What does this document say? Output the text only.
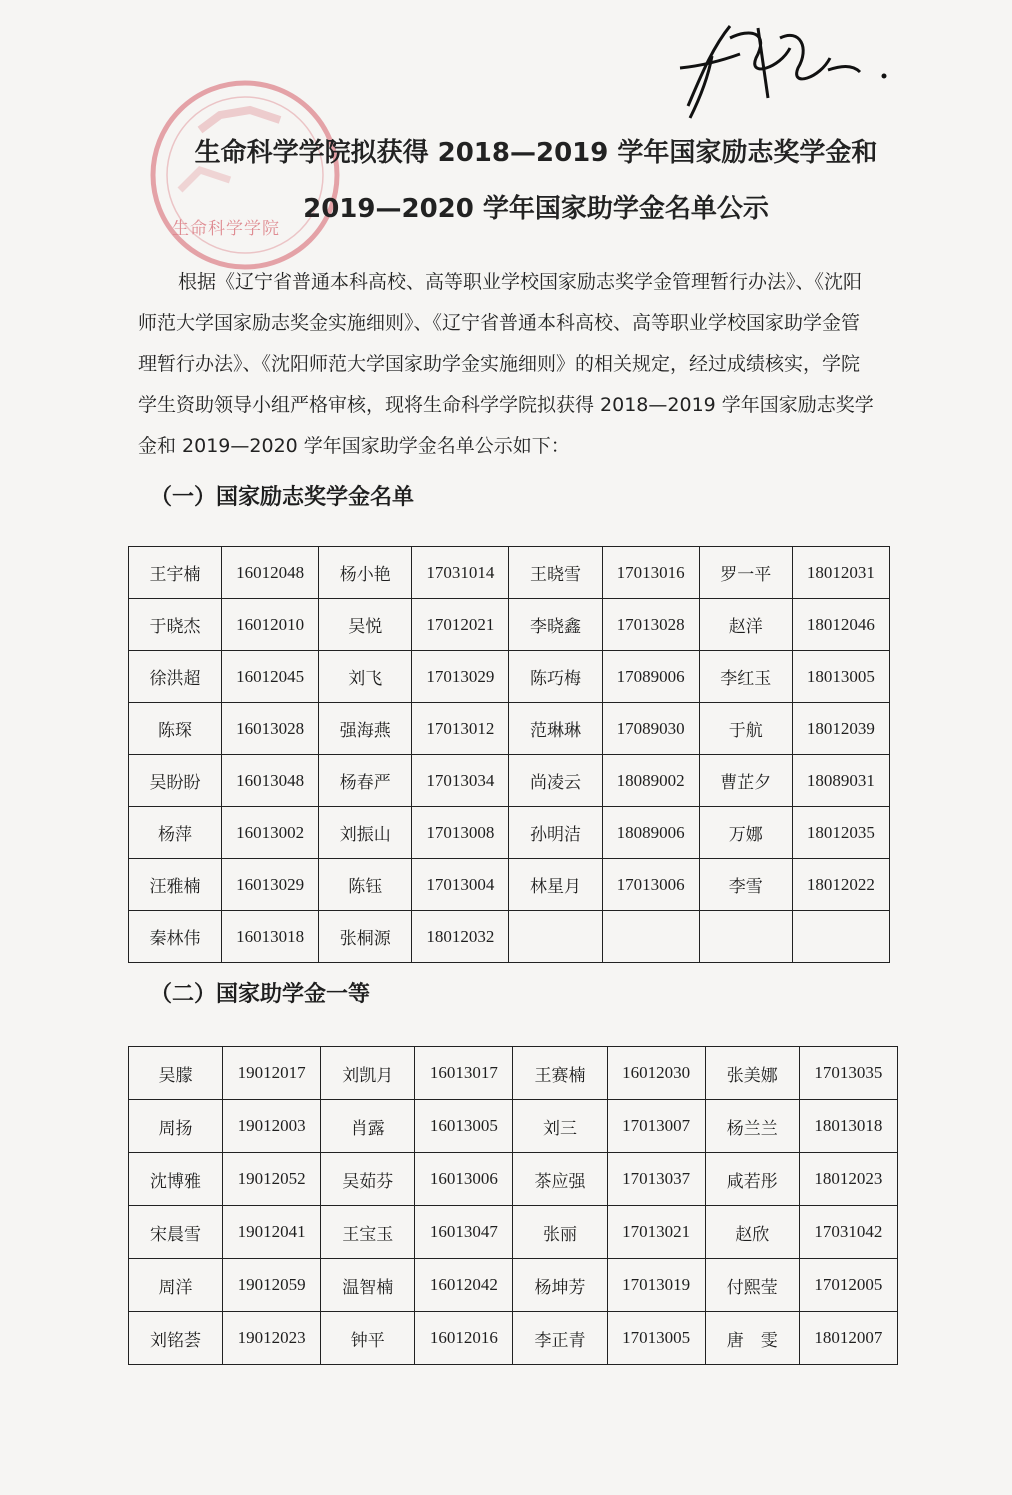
生命科学学院
生命科学学院拟获得 2018—2019 学年国家励志奖学金和
2019—2020 学年国家助学金名单公示
根据《辽宁省普通本科高校、高等职业学校国家励志奖学金管理暂行办法》、《沈阳师范大学国家励志奖金实施细则》、《辽宁省普通本科高校、高等职业学校国家助学金管理暂行办法》、《沈阳师范大学国家助学金实施细则》的相关规定，经过成绩核实，学院学生资助领导小组严格审核，现将生命科学学院拟获得 2018—2019 学年国家励志奖学金和 2019—2020 学年国家助学金名单公示如下：
（一）国家励志奖学金名单
王宇楠	16012048	杨小艳	17031014	王晓雪	17013016	罗一平	18012031
于晓杰	16012010	吴悦	17012021	李晓鑫	17013028	赵洋	18012046
徐洪超	16012045	刘飞	17013029	陈巧梅	17089006	李红玉	18013005
陈琛	16013028	强海燕	17013012	范琳琳	17089030	于航	18012039
吴盼盼	16013048	杨春严	17013034	尚凌云	18089002	曹芷夕	18089031
杨萍	16013002	刘振山	17013008	孙明洁	18089006	万娜	18012035
汪雅楠	16013029	陈钰	17013004	林星月	17013006	李雪	18012022
秦林伟	16013018	张桐源	18012032				
（二）国家助学金一等
吴朦	19012017	刘凯月	16013017	王赛楠	16012030	张美娜	17013035
周扬	19012003	肖露	16013005	刘三	17013007	杨兰兰	18013018
沈博雅	19012052	吴茹芬	16013006	茶应强	17013037	咸若彤	18012023
宋晨雪	19012041	王宝玉	16013047	张丽	17013021	赵欣	17031042
周洋	19012059	温智楠	16012042	杨坤芳	17013019	付熙莹	17012005
刘铭荟	19012023	钟平	16012016	李正青	17013005	唐　雯	18012007
